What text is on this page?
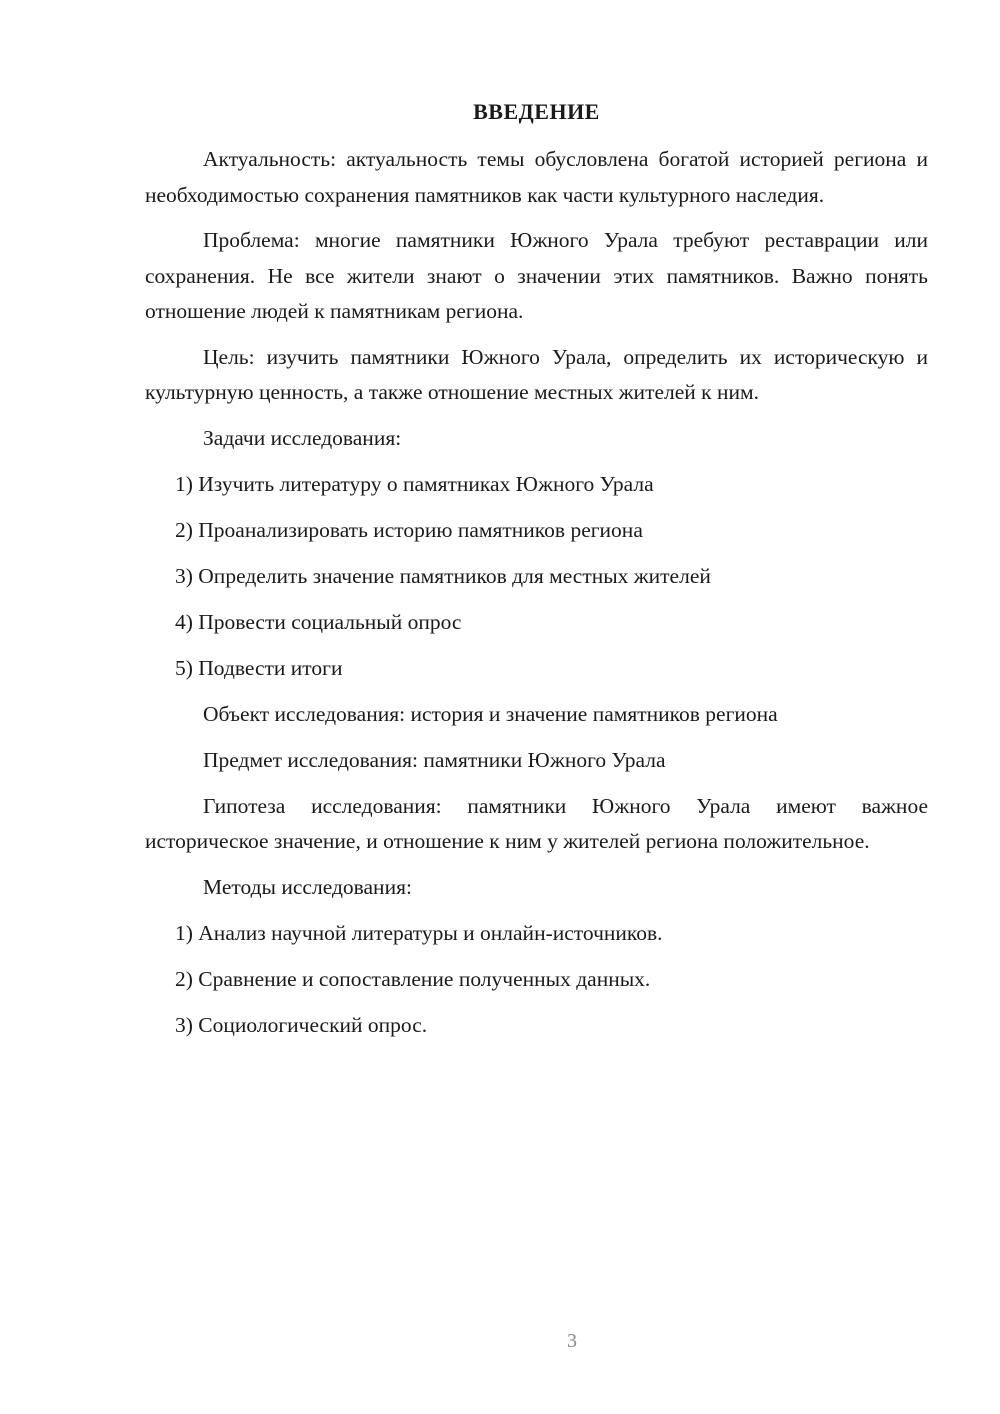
ВВЕДЕНИЕ

Актуальность: актуальность темы обусловлена богатой историей региона и необходимостью сохранения памятников как части культурного наследия.

Проблема: многие памятники Южного Урала требуют реставрации или сохранения. Не все жители знают о значении этих памятников. Важно понять отношение людей к памятникам региона.

Цель: изучить памятники Южного Урала, определить их историческую и культурную ценность, а также отношение местных жителей к ним.

Задачи исследования:
1) Изучить литературу о памятниках Южного Урала
2) Проанализировать историю памятников региона
3) Определить значение памятников для местных жителей
4) Провести социальный опрос
5) Подвести итоги
Объект исследования: история и значение памятников региона
Предмет исследования: памятники Южного Урала

Гипотеза исследования: памятники Южного Урала имеют важное историческое значение, и отношение к ним у жителей региона положительное.

Методы исследования:
1) Анализ научной литературы и онлайн-источников.
2) Сравнение и сопоставление полученных данных.
3) Социологический опрос.
3
